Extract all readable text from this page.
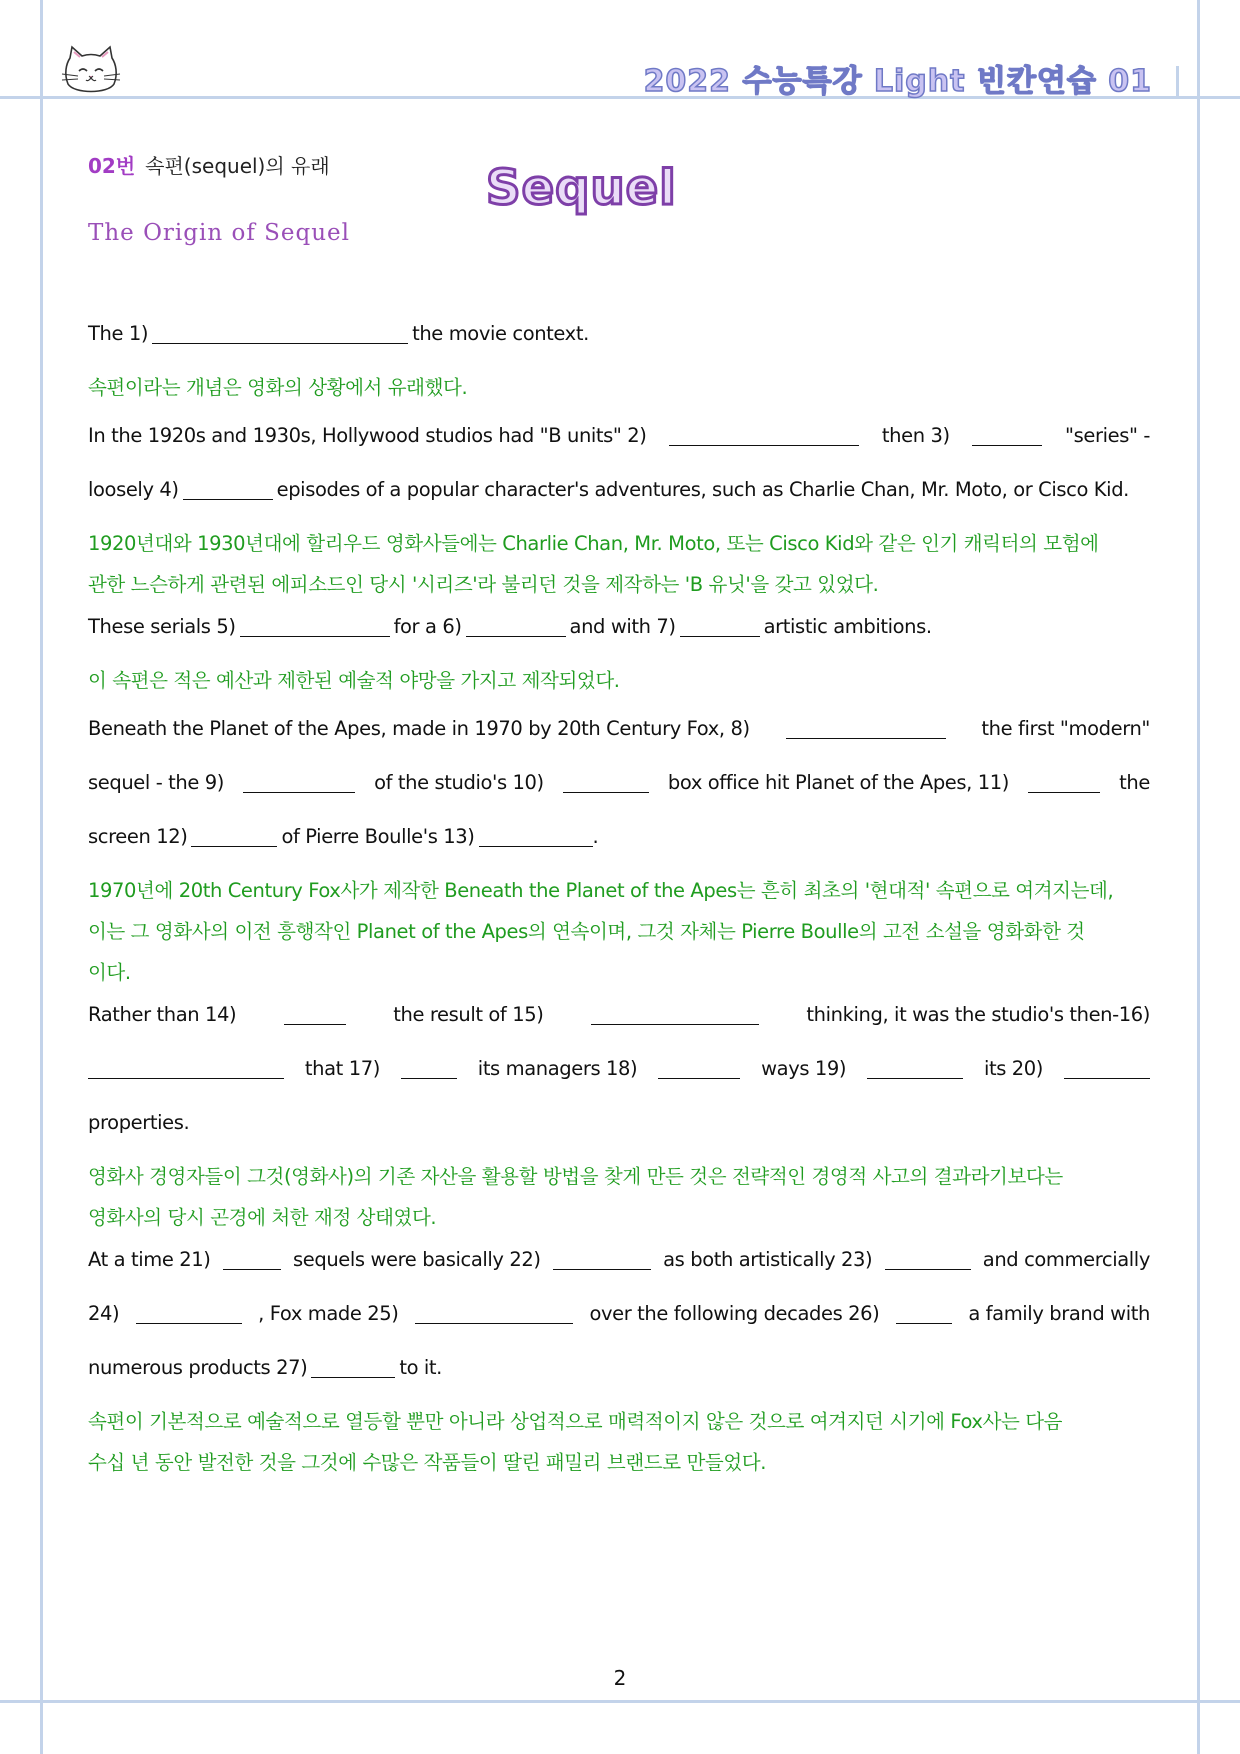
2022 수능특강 Light 빈칸연습 01
02번 속편(sequel)의 유래	Sequel
The Origin of Sequel
The 1)	the movie context.
속편이라는 개념은 영화의 상황에서 유래했다.
In the 1920s and 1930s, Hollywood studios had "B units" 2)	then 3)	"series" -
loosely 4)	episodes of a popular character's adventures, such as Charlie Chan, Mr. Moto, or Cisco Kid.
1920년대와 1930년대에 할리우드 영화사들에는 Charlie Chan, Mr. Moto, 또는 Cisco Kid와 같은 인기 캐릭터의 모험에
관한 느슨하게 관련된 에피소드인 당시 '시리즈'라 불리던 것을 제작하는 'B 유닛'을 갖고 있었다.
These serials 5)	for a 6)	and with 7)	artistic ambitions.
이 속편은 적은 예산과 제한된 예술적 야망을 가지고 제작되었다.
Beneath the Planet of the Apes, made in 1970 by 20th Century Fox, 8)	the first "modern"
sequel - the 9)	of the studio's 10)	box office hit Planet of the Apes, 11)	the
screen 12)	of Pierre Boulle's 13)	.
1970년에 20th Century Fox사가 제작한 Beneath the Planet of the Apes는 흔히 최초의 '현대적' 속편으로 여겨지는데,
이는 그 영화사의 이전 흥행작인 Planet of the Apes의 연속이며, 그것 자체는 Pierre Boulle의 고전 소설을 영화화한 것
이다.
Rather than 14)	the result of 15)	thinking, it was the studio's then-16)
that 17)	its managers 18)	ways 19)	its 20)
properties.
영화사 경영자들이 그것(영화사)의 기존 자산을 활용할 방법을 찾게 만든 것은 전략적인 경영적 사고의 결과라기보다는
영화사의 당시 곤경에 처한 재정 상태였다.
At a time 21)	sequels were basically 22)	as both artistically 23)	and commercially
24)	, Fox made 25)	over the following decades 26)	a family brand with
numerous products 27)	to it.
속편이 기본적으로 예술적으로 열등할 뿐만 아니라 상업적으로 매력적이지 않은 것으로 여겨지던 시기에 Fox사는 다음
수십 년 동안 발전한 것을 그것에 수많은 작품들이 딸린 패밀리 브랜드로 만들었다.
2
